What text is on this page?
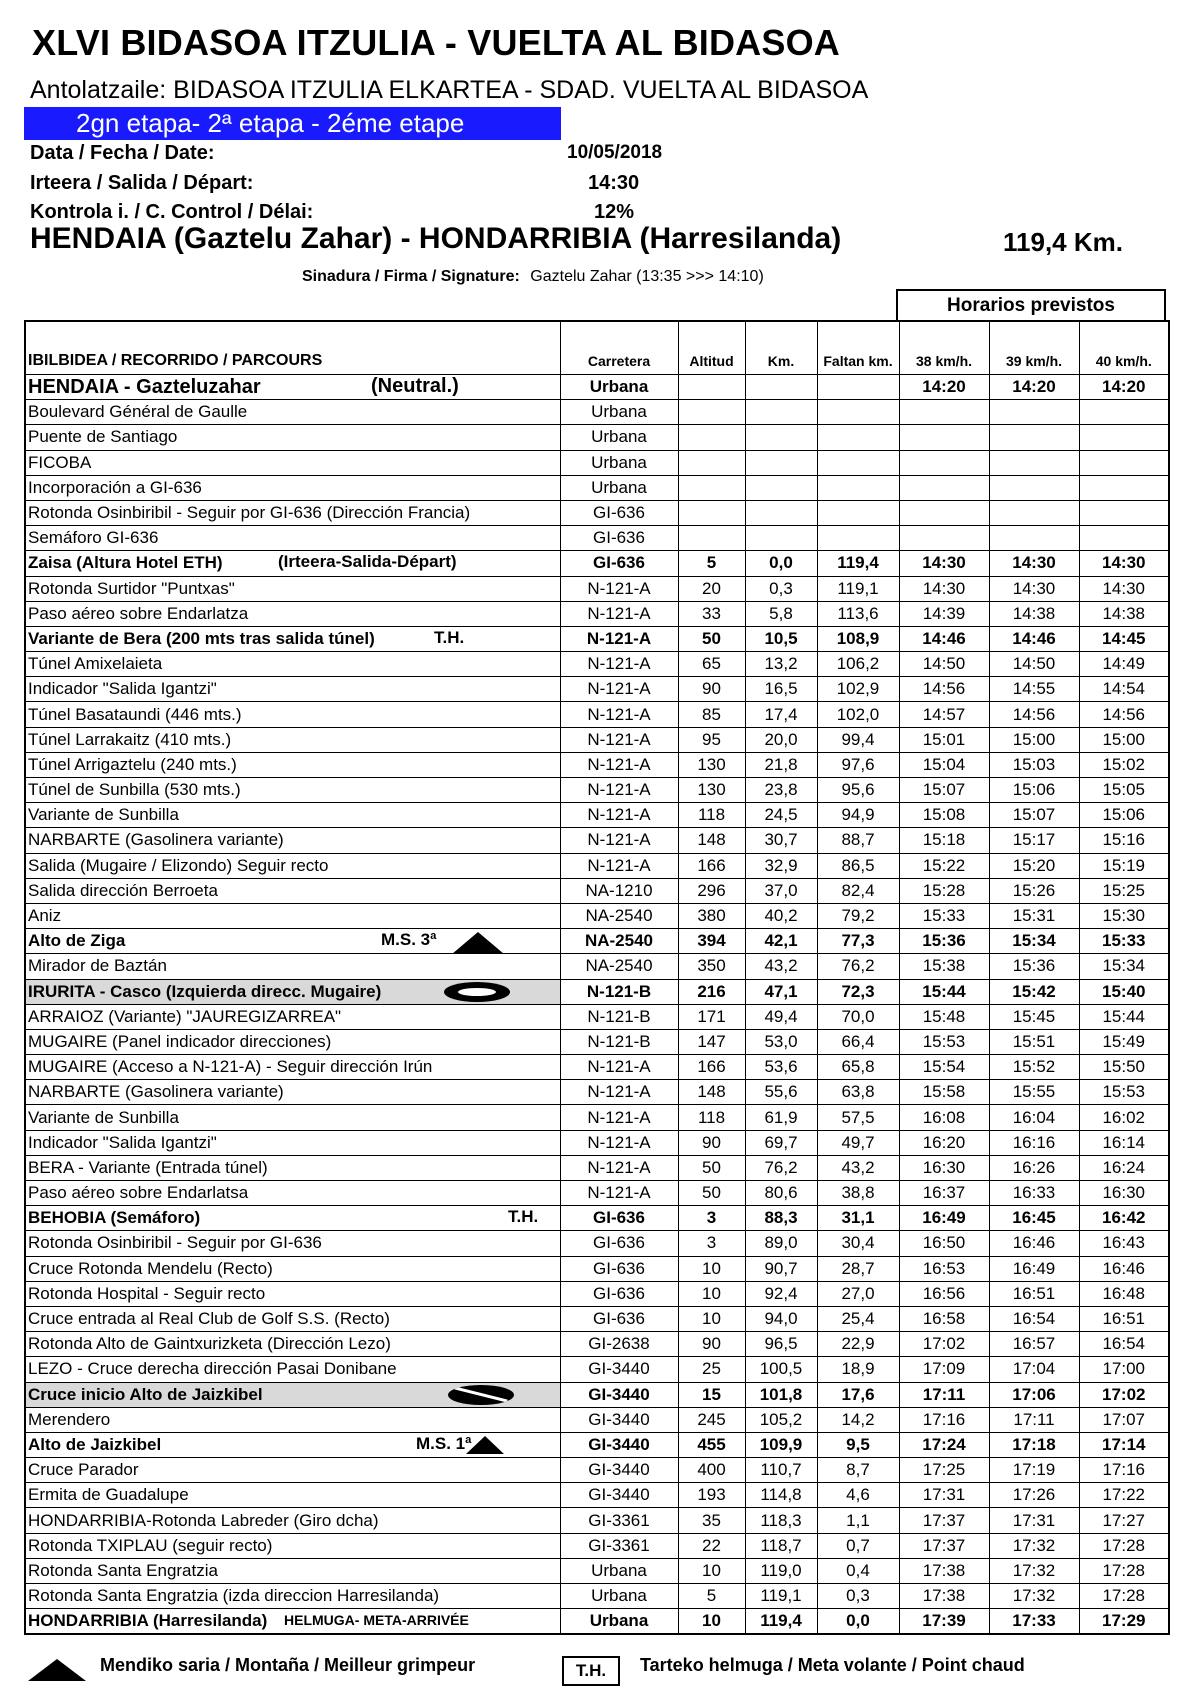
XLVI BIDASOA ITZULIA - VUELTA AL BIDASOA
Antolatzaile: BIDASOA ITZULIA ELKARTEA - SDAD. VUELTA AL BIDASOA
2gn etapa- 2ª etapa - 2éme etape
Data / Fecha / Date:	10/05/2018
Irteera / Salida / Départ:	14:30
Kontrola i. / C. Control / Délai:	12%
HENDAIA (Gaztelu Zahar) - HONDARRIBIA (Harresilanda)	119,4 Km.
Sinadura / Firma / Signature: Gaztelu Zahar (13:35 >>> 14:10)
Horarios previstos
IBILBIDEA / RECORRIDO / PARCOURS	Carretera	Altitud	Km.	Faltan km.	38 km/h.	39 km/h.	40 km/h.
HENDAIA - Gazteluzahar (Neutral.)	Urbana				14:20	14:20	14:20
Boulevard Général de Gaulle	Urbana						
Puente de Santiago	Urbana						
FICOBA	Urbana						
Incorporación a GI-636	Urbana						
Rotonda Osinbiribil - Seguir por GI-636 (Dirección Francia)	GI-636						
Semáforo GI-636	GI-636						
Zaisa (Altura Hotel ETH) (Irteera-Salida-Départ)	GI-636	5	0,0	119,4	14:30	14:30	14:30
Rotonda Surtidor "Puntxas"	N-121-A	20	0,3	119,1	14:30	14:30	14:30
Paso aéreo sobre Endarlatza	N-121-A	33	5,8	113,6	14:39	14:38	14:38
Variante de Bera (200 mts tras salida túnel) T.H.	N-121-A	50	10,5	108,9	14:46	14:46	14:45
Túnel Amixelaieta	N-121-A	65	13,2	106,2	14:50	14:50	14:49
Indicador "Salida Igantzi"	N-121-A	90	16,5	102,9	14:56	14:55	14:54
Túnel Basataundi (446 mts.)	N-121-A	85	17,4	102,0	14:57	14:56	14:56
Túnel Larrakaitz (410 mts.)	N-121-A	95	20,0	99,4	15:01	15:00	15:00
Túnel Arrigaztelu (240 mts.)	N-121-A	130	21,8	97,6	15:04	15:03	15:02
Túnel de Sunbilla (530 mts.)	N-121-A	130	23,8	95,6	15:07	15:06	15:05
Variante de Sunbilla	N-121-A	118	24,5	94,9	15:08	15:07	15:06
NARBARTE (Gasolinera variante)	N-121-A	148	30,7	88,7	15:18	15:17	15:16
Salida (Mugaire / Elizondo) Seguir recto	N-121-A	166	32,9	86,5	15:22	15:20	15:19
Salida dirección Berroeta	NA-1210	296	37,0	82,4	15:28	15:26	15:25
Aniz	NA-2540	380	40,2	79,2	15:33	15:31	15:30
Alto de Ziga M.S. 3ª	NA-2540	394	42,1	77,3	15:36	15:34	15:33
Mirador de Baztán	NA-2540	350	43,2	76,2	15:38	15:36	15:34
IRURITA - Casco (Izquierda direcc. Mugaire)	N-121-B	216	47,1	72,3	15:44	15:42	15:40
ARRAIOZ (Variante) "JAUREGIZARREA"	N-121-B	171	49,4	70,0	15:48	15:45	15:44
MUGAIRE (Panel indicador direcciones)	N-121-B	147	53,0	66,4	15:53	15:51	15:49
MUGAIRE (Acceso a N-121-A) - Seguir dirección Irún	N-121-A	166	53,6	65,8	15:54	15:52	15:50
NARBARTE (Gasolinera variante)	N-121-A	148	55,6	63,8	15:58	15:55	15:53
Variante de Sunbilla	N-121-A	118	61,9	57,5	16:08	16:04	16:02
Indicador "Salida Igantzi"	N-121-A	90	69,7	49,7	16:20	16:16	16:14
BERA - Variante (Entrada túnel)	N-121-A	50	76,2	43,2	16:30	16:26	16:24
Paso aéreo sobre Endarlatsa	N-121-A	50	80,6	38,8	16:37	16:33	16:30
BEHOBIA (Semáforo) T.H.	GI-636	3	88,3	31,1	16:49	16:45	16:42
Rotonda Osinbiribil - Seguir por GI-636	GI-636	3	89,0	30,4	16:50	16:46	16:43
Cruce Rotonda Mendelu (Recto)	GI-636	10	90,7	28,7	16:53	16:49	16:46
Rotonda Hospital - Seguir recto	GI-636	10	92,4	27,0	16:56	16:51	16:48
Cruce entrada al Real Club de Golf S.S. (Recto)	GI-636	10	94,0	25,4	16:58	16:54	16:51
Rotonda Alto de Gaintxurizketa (Dirección Lezo)	GI-2638	90	96,5	22,9	17:02	16:57	16:54
LEZO - Cruce derecha dirección Pasai Donibane	GI-3440	25	100,5	18,9	17:09	17:04	17:00
Cruce inicio Alto de Jaizkibel	GI-3440	15	101,8	17,6	17:11	17:06	17:02
Merendero	GI-3440	245	105,2	14,2	17:16	17:11	17:07
Alto de Jaizkibel M.S. 1ª	GI-3440	455	109,9	9,5	17:24	17:18	17:14
Cruce Parador	GI-3440	400	110,7	8,7	17:25	17:19	17:16
Ermita de Guadalupe	GI-3440	193	114,8	4,6	17:31	17:26	17:22
HONDARRIBIA-Rotonda Labreder (Giro dcha)	GI-3361	35	118,3	1,1	17:37	17:31	17:27
Rotonda TXIPLAU (seguir recto)	GI-3361	22	118,7	0,7	17:37	17:32	17:28
Rotonda Santa Engratzia	Urbana	10	119,0	0,4	17:38	17:32	17:28
Rotonda Santa Engratzia (izda direccion Harresilanda)	Urbana	5	119,1	0,3	17:38	17:32	17:28
HONDARRIBIA (Harresilanda) HELMUGA- META-ARRIVÉE	Urbana	10	119,4	0,0	17:39	17:33	17:29
Mendiko saria / Montaña / Meilleur grimpeur	T.H.	Tarteko helmuga / Meta volante / Point chaud
